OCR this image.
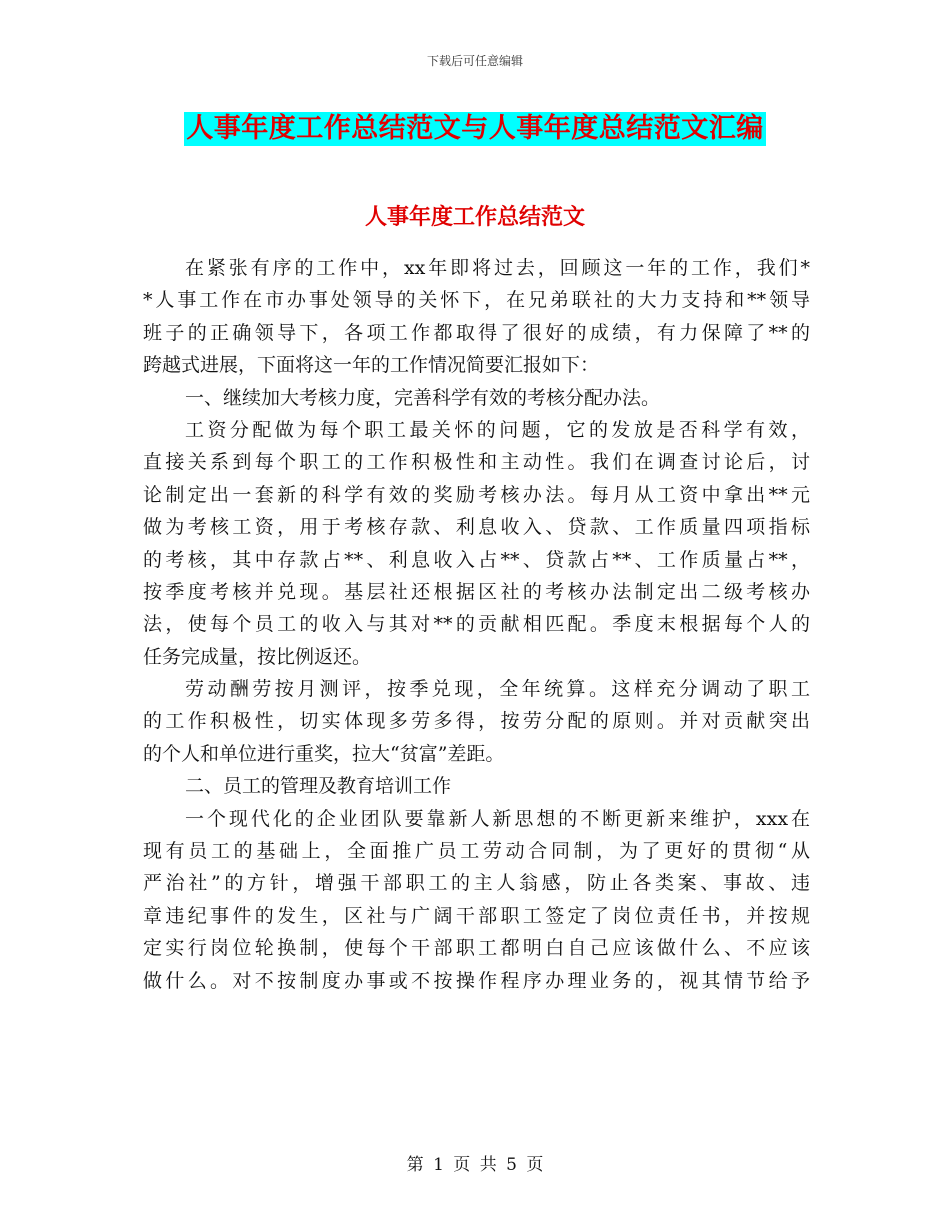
下载后可任意编辑
人事年度工作总结范文与人事年度总结范文汇编
人事年度工作总结范文
在紧张有序的工作中，xx年即将过去，回顾这一年的工作，我们*
*人事工作在市办事处领导的关怀下，在兄弟联社的大力支持和**领导
班子的正确领导下，各项工作都取得了很好的成绩，有力保障了**的
跨越式进展，下面将这一年的工作情况简要汇报如下：
一、继续加大考核力度，完善科学有效的考核分配办法。
工资分配做为每个职工最关怀的问题，它的发放是否科学有效，
直接关系到每个职工的工作积极性和主动性。我们在调查讨论后，讨
论制定出一套新的科学有效的奖励考核办法。每月从工资中拿出**元
做为考核工资，用于考核存款、利息收入、贷款、工作质量四项指标
的考核，其中存款占**、利息收入占**、贷款占**、工作质量占**，
按季度考核并兑现。基层社还根据区社的考核办法制定出二级考核办
法，使每个员工的收入与其对**的贡献相匹配。季度末根据每个人的
任务完成量，按比例返还。
劳动酬劳按月测评，按季兑现，全年统算。这样充分调动了职工
的工作积极性，切实体现多劳多得，按劳分配的原则。并对贡献突出
的个人和单位进行重奖，拉大“贫富”差距。
二、员工的管理及教育培训工作
一个现代化的企业团队要靠新人新思想的不断更新来维护，xxx在
现有员工的基础上，全面推广员工劳动合同制，为了更好的贯彻“从
严治社”的方针，增强干部职工的主人翁感，防止各类案、事故、违
章违纪事件的发生，区社与广阔干部职工签定了岗位责任书，并按规
定实行岗位轮换制，使每个干部职工都明白自己应该做什么、不应该
做什么。对不按制度办事或不按操作程序办理业务的，视其情节给予
第 1 页 共 5 页
